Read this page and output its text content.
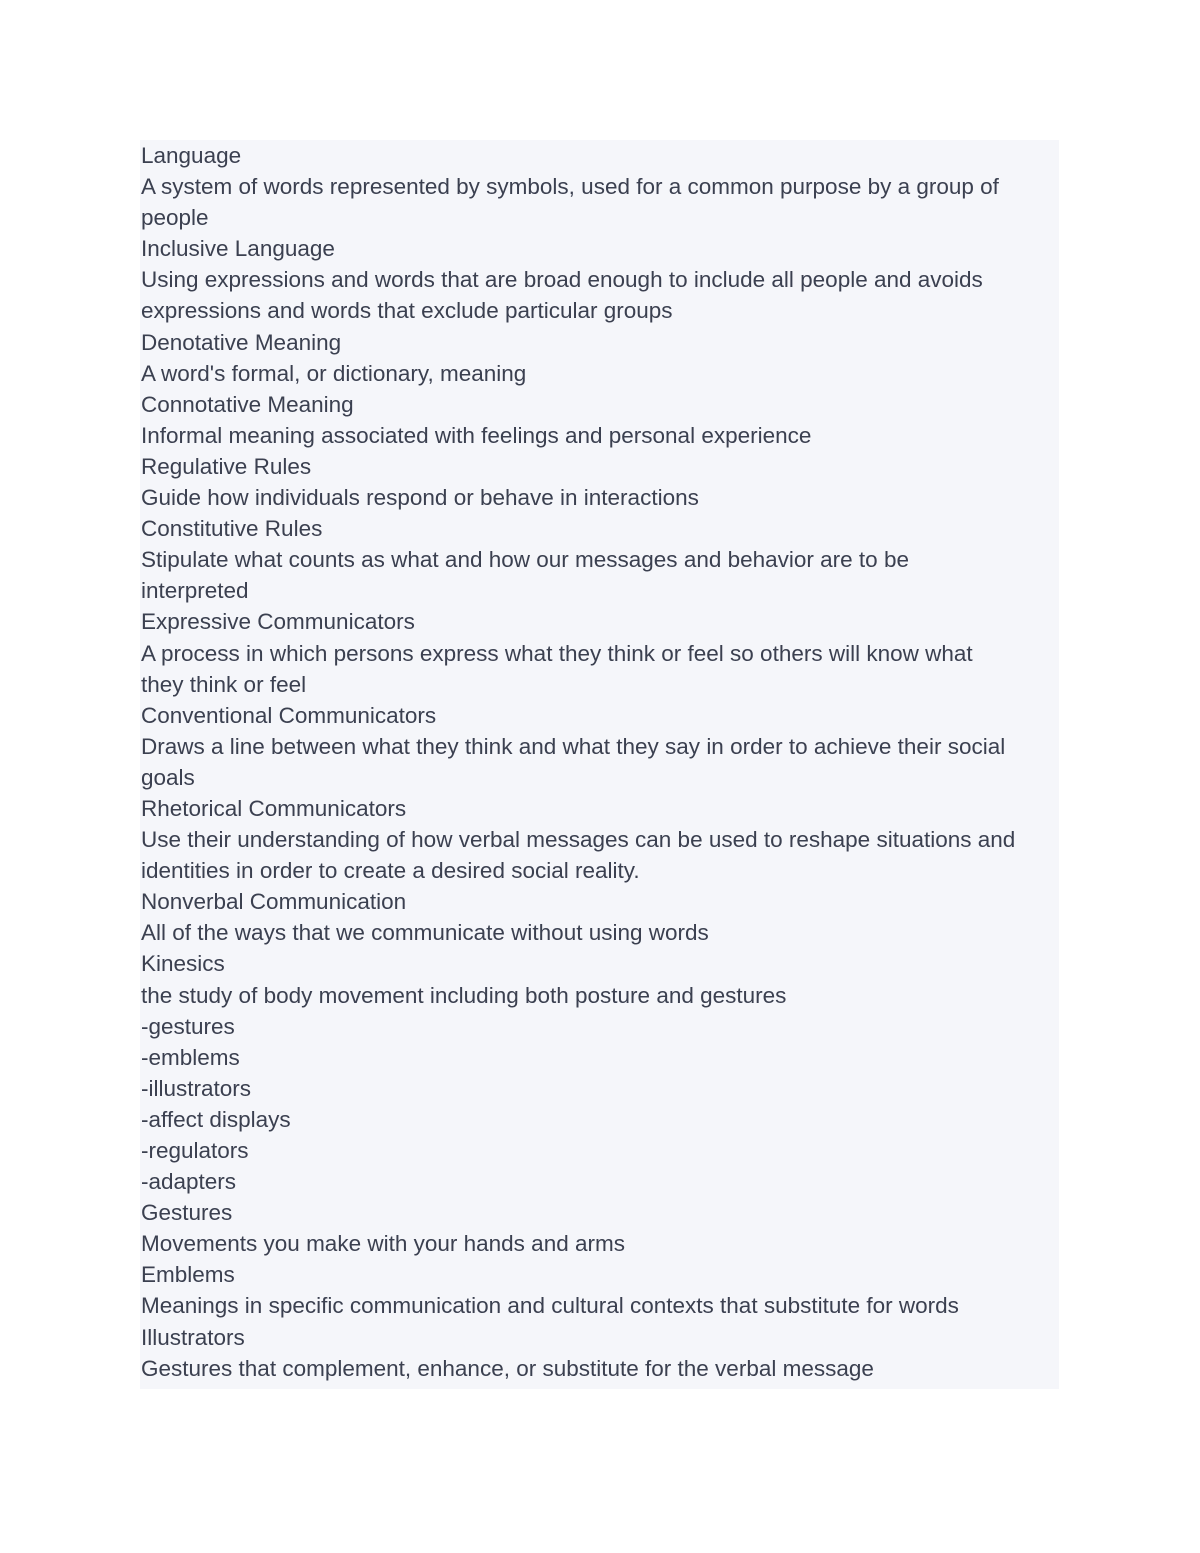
Language
A system of words represented by symbols, used for a common purpose by a group of
people
Inclusive Language
Using expressions and words that are broad enough to include all people and avoids
expressions and words that exclude particular groups
Denotative Meaning
A word's formal, or dictionary, meaning
Connotative Meaning
Informal meaning associated with feelings and personal experience
Regulative Rules
Guide how individuals respond or behave in interactions
Constitutive Rules
Stipulate what counts as what and how our messages and behavior are to be
interpreted
Expressive Communicators
A process in which persons express what they think or feel so others will know what
they think or feel
Conventional Communicators
Draws a line between what they think and what they say in order to achieve their social
goals
Rhetorical Communicators
Use their understanding of how verbal messages can be used to reshape situations and
identities in order to create a desired social reality.
Nonverbal Communication
All of the ways that we communicate without using words
Kinesics
the study of body movement including both posture and gestures
-gestures
-emblems
-illustrators
-affect displays
-regulators
-adapters
Gestures
Movements you make with your hands and arms
Emblems
Meanings in specific communication and cultural contexts that substitute for words
Illustrators
Gestures that complement, enhance, or substitute for the verbal message
